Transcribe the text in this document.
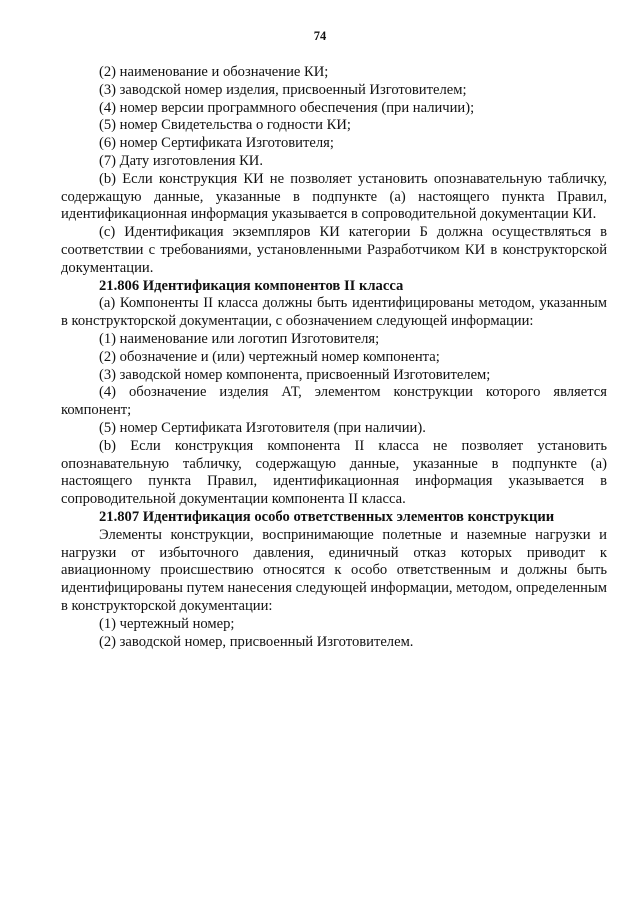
74

(2) наименование и обозначение КИ;

(3) заводской номер изделия, присвоенный Изготовителем;

(4) номер версии программного обеспечения (при наличии);

(5) номер Свидетельства о годности КИ;

(6) номер Сертификата Изготовителя;

(7) Дату изготовления КИ.

(b) Если конструкция КИ не позволяет установить опознавательную табличку, содержащую данные, указанные в подпункте (а) настоящего пункта Правил, идентификационная информация указывается в сопроводительной документации КИ.

(c) Идентификация экземпляров КИ категории Б должна осуществляться в соответствии с требованиями, установленными Разработчиком КИ в конструкторской документации.

21.806 Идентификация компонентов II класса

(a) Компоненты II класса должны быть идентифицированы методом, указанным в конструкторской документации, с обозначением следующей информации:

(1) наименование или логотип Изготовителя;

(2) обозначение и (или) чертежный номер компонента;

(3) заводской номер компонента, присвоенный Изготовителем;

(4) обозначение изделия АТ, элементом конструкции которого является компонент;

(5) номер Сертификата Изготовителя (при наличии).

(b) Если конструкция компонента II класса не позволяет установить опознавательную табличку, содержащую данные, указанные в подпункте (а) настоящего пункта Правил, идентификационная информация указывается в сопроводительной документации компонента II класса.

21.807 Идентификация особо ответственных элементов конструкции

Элементы конструкции, воспринимающие полетные и наземные нагрузки и нагрузки от избыточного давления, единичный отказ которых приводит к авиационному происшествию относятся к особо ответственным и должны быть идентифицированы путем нанесения следующей информации, методом, определенным в конструкторской документации:

(1) чертежный номер;

(2) заводской номер, присвоенный Изготовителем.
